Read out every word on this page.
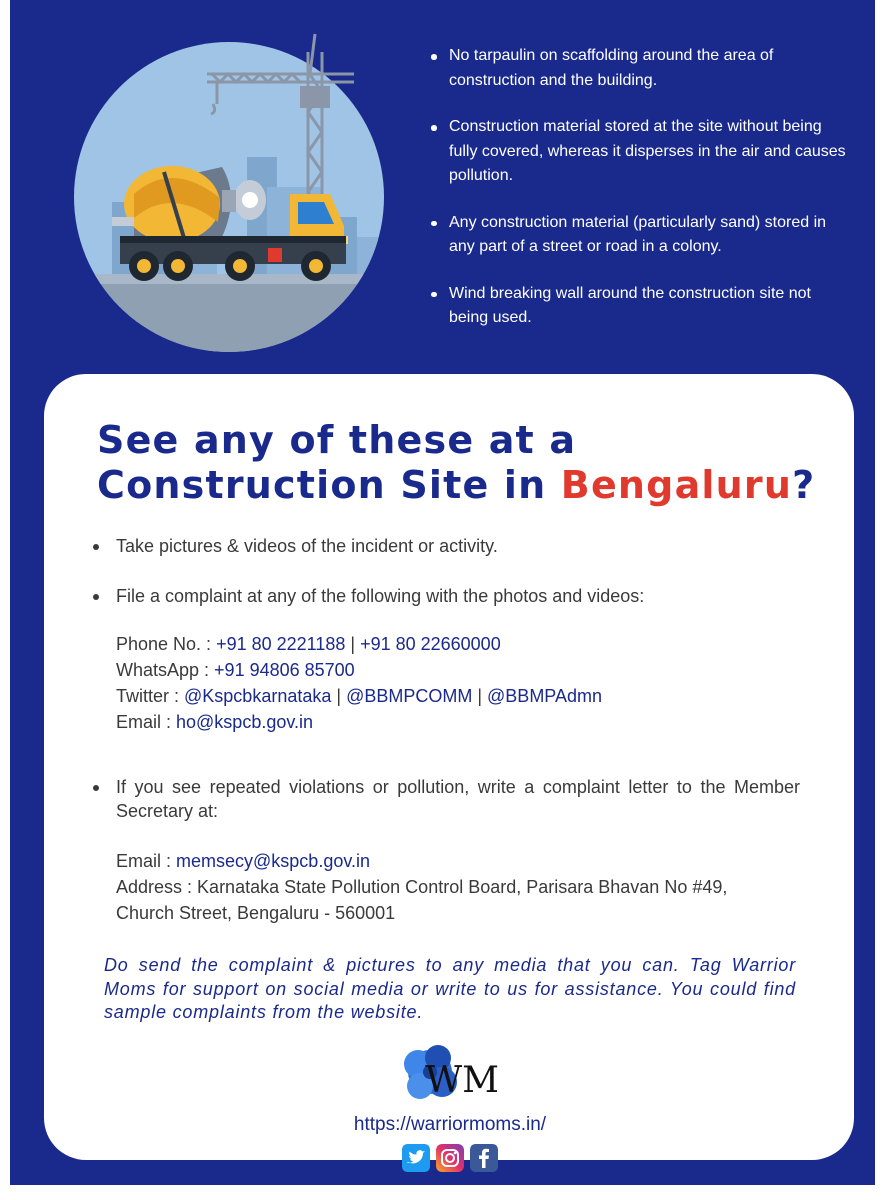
No tarpaulin on scaffolding around the area of construction and the building.
Construction material stored at the site without being fully covered, whereas it disperses in the air and causes pollution.
Any construction material (particularly sand) stored in any part of a street or road in a colony.
Wind breaking wall around the construction site not being used.
See any of these at a
Construction Site in Bengaluru?
Take pictures & videos of the incident or activity.
File a complaint at any of the following with the photos and videos:
Phone No. : +91 80 2221188 | +91 80 22660000
WhatsApp : +91 94806 85700
Twitter : @Kspcbkarnataka | @BBMPCOMM | @BBMPAdmn
Email : ho@kspcb.gov.in
If you see repeated violations or pollution, write a complaint letter to the Member Secretary at:
Email : memsecy@kspcb.gov.in
Address : Karnataka State Pollution Control Board, Parisara Bhavan No #49,
Church Street, Bengaluru - 560001

Do send the complaint & pictures to any media that you can. Tag Warrior Moms for support on social media or write to us for assistance. You could find sample complaints from the website.

WM
https://warriormoms.in/
